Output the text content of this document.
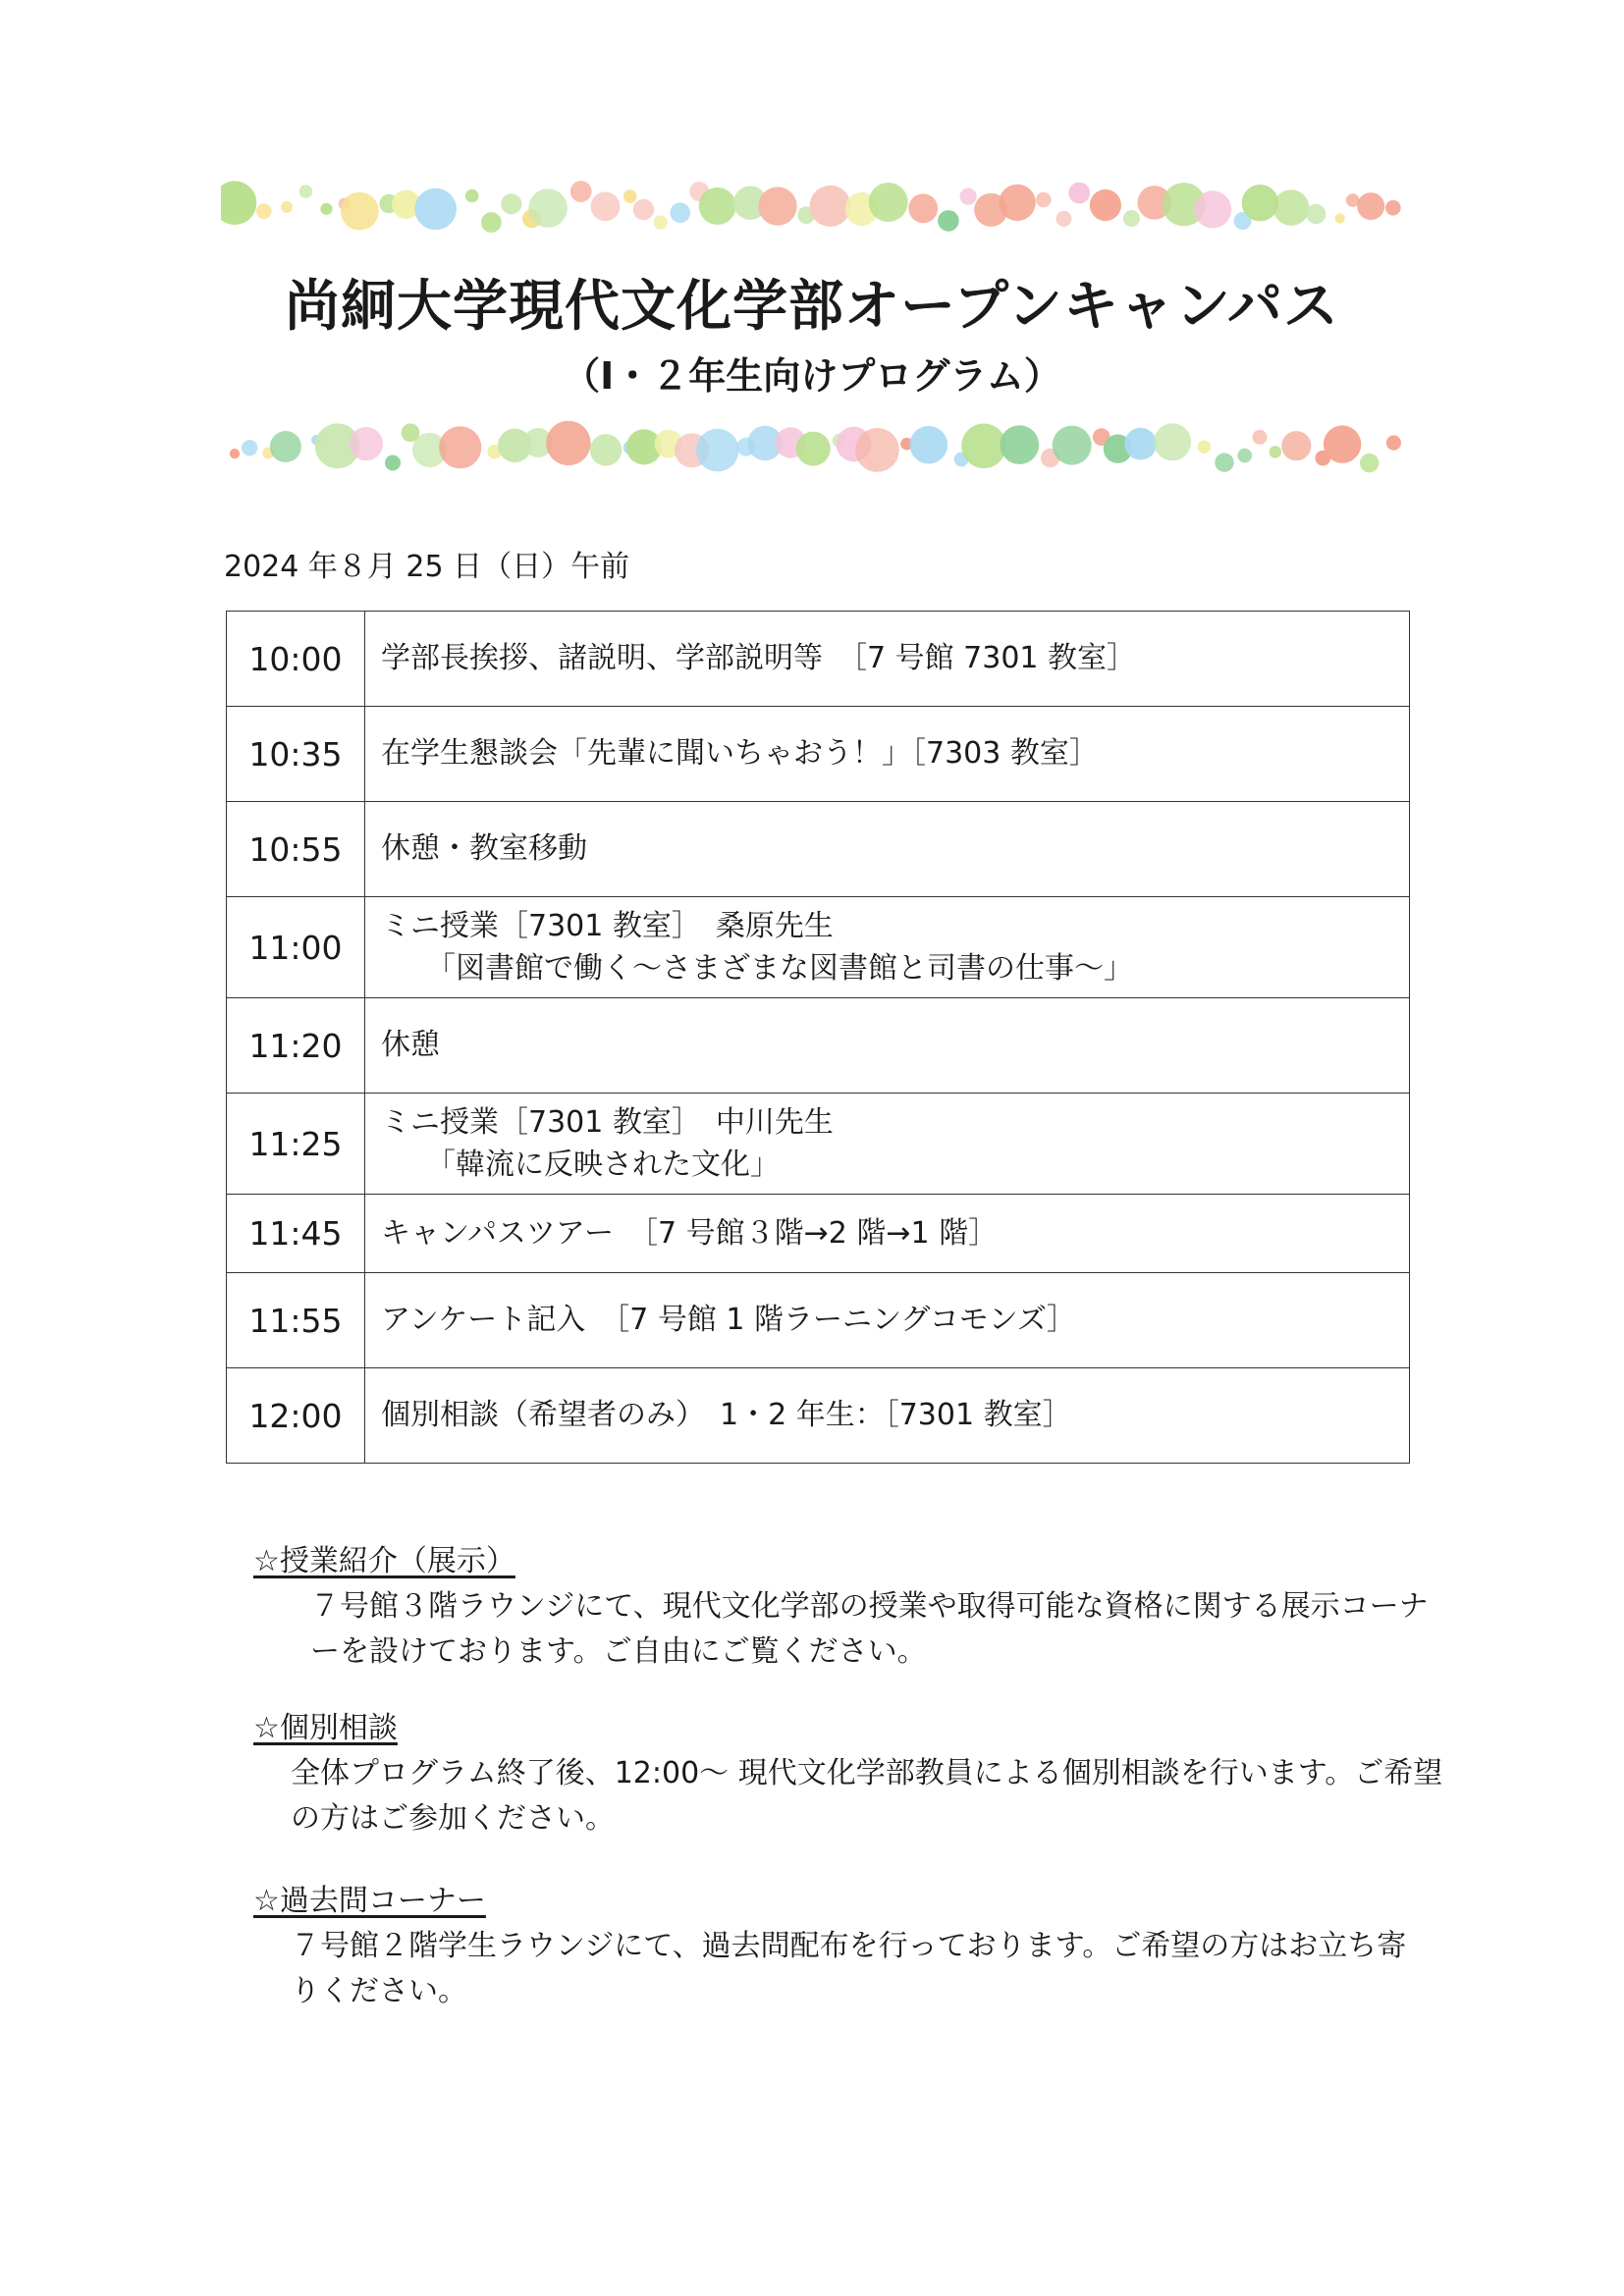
尚絅大学現代文化学部オープンキャンパス
（I・２年生向けプログラム）
2024 年８月 25 日（日）午前
10:00	学部長挨拶、諸説明、学部説明等　［7 号館 7301 教室］
10:35	在学生懇談会「先輩に聞いちゃおう！」［7303 教室］
10:55	休憩・教室移動
11:00	ミニ授業［7301 教室］　桑原先生
「図書館で働く～さまざまな図書館と司書の仕事～」

11:20	休憩
11:25	ミニ授業［7301 教室］　中川先生
「韓流に反映された文化」

11:45	キャンパスツアー　［7 号館３階→2 階→1 階］
11:55	アンケート記入　［7 号館 1 階ラーニングコモンズ］
12:00	個別相談（希望者のみ）　1・2 年生：［7301 教室］
☆授業紹介（展示）
７号館３階ラウンジにて、現代文化学部の授業や取得可能な資格に関する展示コーナーを設けております。ご自由にご覧ください。
☆個別相談
全体プログラム終了後、12:00～ 現代文化学部教員による個別相談を行います。ご希望の方はご参加ください。
☆過去問コーナー
７号館２階学生ラウンジにて、過去問配布を行っております。ご希望の方はお立ち寄りください。
